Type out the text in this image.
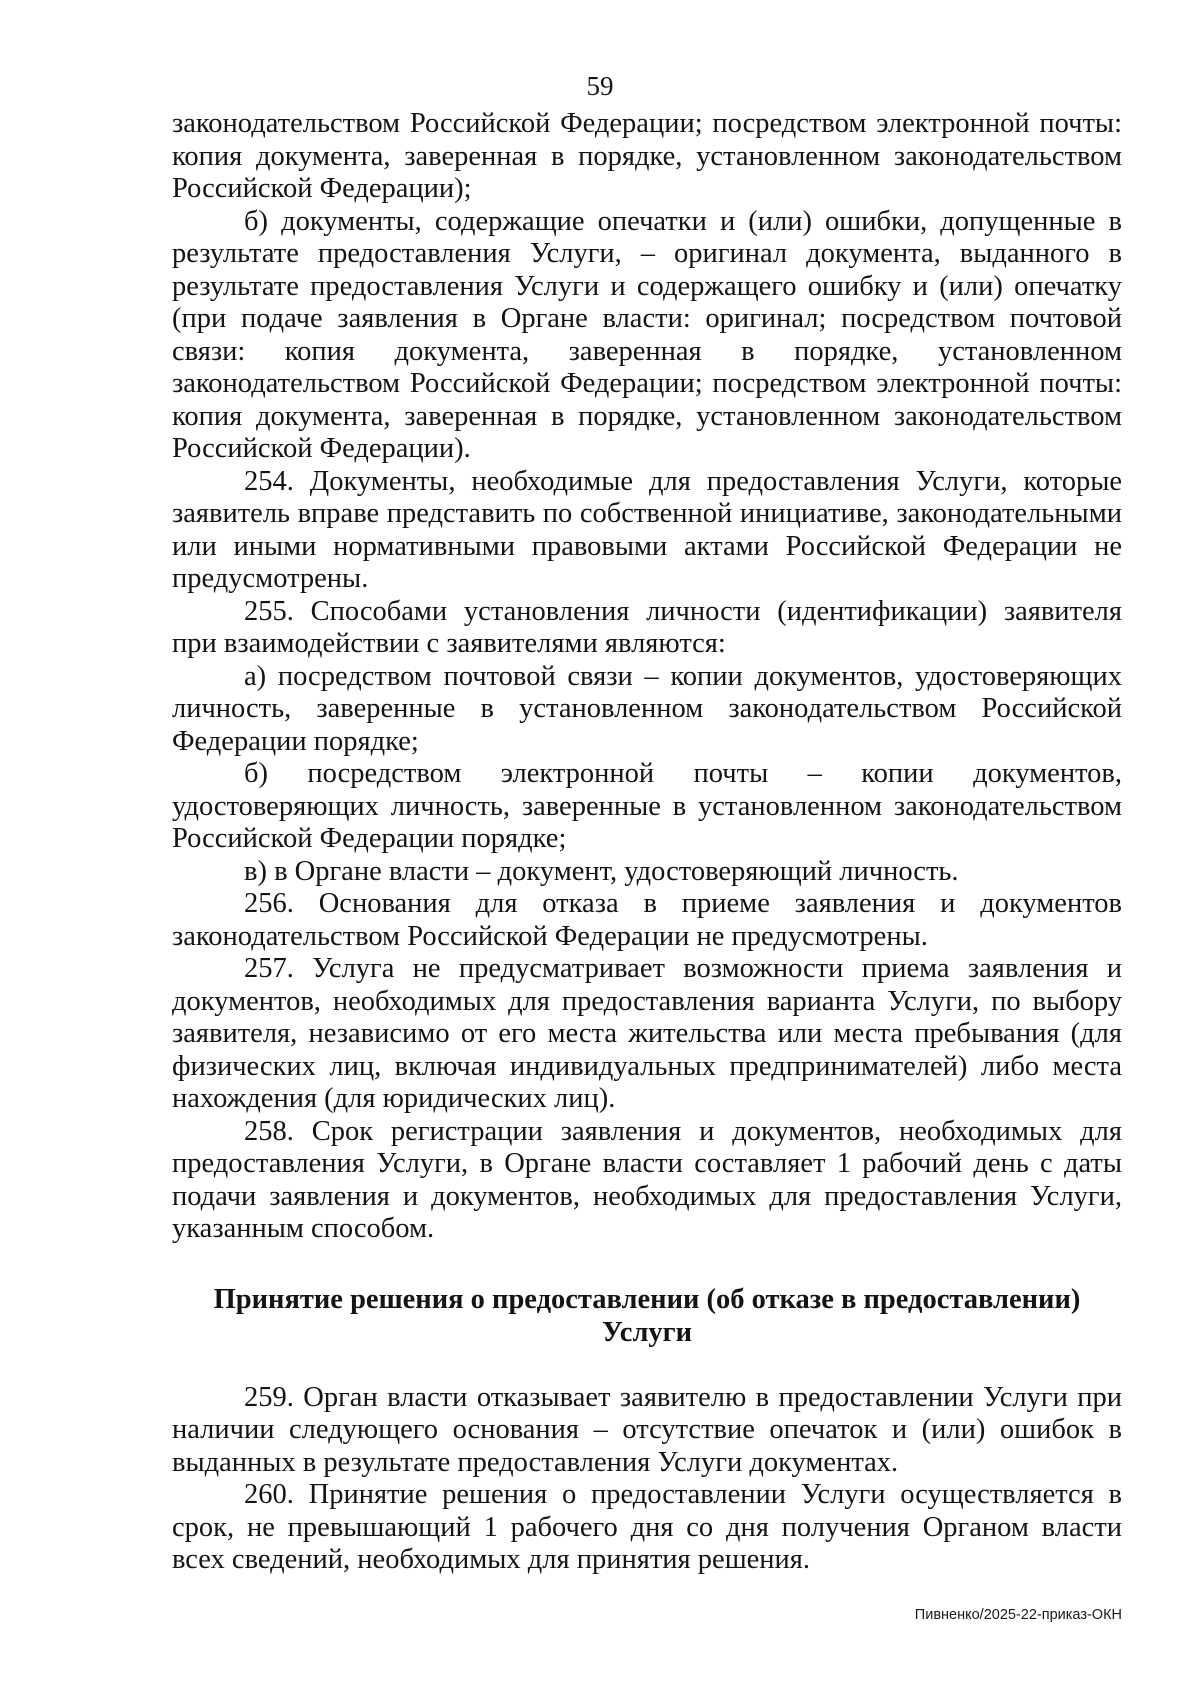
59

законодательством Российской Федерации; посредством электронной почты: копия документа, заверенная в порядке, установленном законодательством Российской Федерации);

б) документы, содержащие опечатки и (или) ошибки, допущенные в результате предоставления Услуги, – оригинал документа, выданного в результате предоставления Услуги и содержащего ошибку и (или) опечатку (при подаче заявления в Органе власти: оригинал; посредством почтовой связи: копия документа, заверенная в порядке, установленном законодательством Российской Федерации; посредством электронной почты: копия документа, заверенная в порядке, установленном законодательством Российской Федерации).

254. Документы, необходимые для предоставления Услуги, которые заявитель вправе представить по собственной инициативе, законодательными или иными нормативными правовыми актами Российской Федерации не предусмотрены.

255. Способами установления личности (идентификации) заявителя при взаимодействии с заявителями являются:

а) посредством почтовой связи – копии документов, удостоверяющих личность, заверенные в установленном законодательством Российской Федерации порядке;

б) посредством электронной почты – копии документов, удостоверяющих личность, заверенные в установленном законодательством Российской Федерации порядке;

в) в Органе власти – документ, удостоверяющий личность.

256. Основания для отказа в приеме заявления и документов законодательством Российской Федерации не предусмотрены.

257. Услуга не предусматривает возможности приема заявления и документов, необходимых для предоставления варианта Услуги, по выбору заявителя, независимо от его места жительства или места пребывания (для физических лиц, включая индивидуальных предпринимателей) либо места нахождения (для юридических лиц).

258. Срок регистрации заявления и документов, необходимых для предоставления Услуги, в Органе власти составляет 1 рабочий день с даты подачи заявления и документов, необходимых для предоставления Услуги, указанным способом.

Принятие решения о предоставлении (об отказе в предоставлении)
Услуги

259. Орган власти отказывает заявителю в предоставлении Услуги при наличии следующего основания – отсутствие опечаток и (или) ошибок в выданных в результате предоставления Услуги документах.

260. Принятие решения о предоставлении Услуги осуществляется в срок, не превышающий 1 рабочего дня со дня получения Органом власти всех сведений, необходимых для принятия решения.

Пивненко/2025-22-приказ-ОКН
